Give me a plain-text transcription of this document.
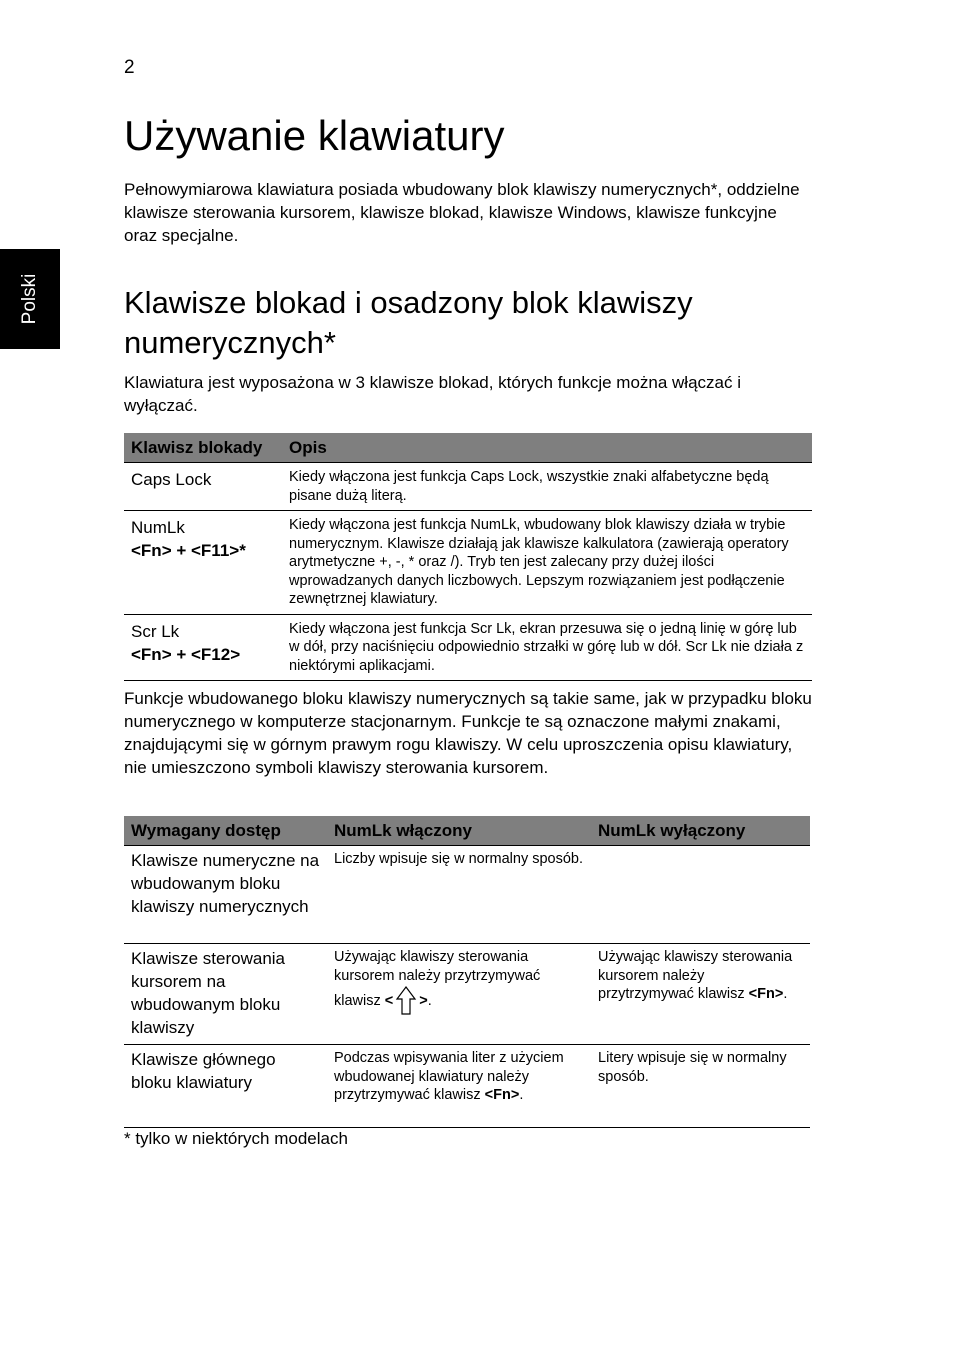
2
Polski
Używanie klawiatury

Pełnowymiarowa klawiatura posiada wbudowany blok klawiszy numerycznych*, oddzielne klawisze sterowania kursorem, klawisze blokad, klawisze Windows, klawisze funkcyjne oraz specjalne.

Klawisze blokad i osadzony blok klawiszy numerycznych*

Klawiatura jest wyposażona w 3 klawisze blokad, których funkcje można włączać i wyłączać.

Klawisz blokady	Opis

Caps Lock	Kiedy włączona jest funkcja Caps Lock, wszystkie znaki alfabetyczne będą pisane dużą literą.

NumLk
<Fn> + <F11>*	Kiedy włączona jest funkcja NumLk, wbudowany blok klawiszy działa w trybie numerycznym. Klawisze działają jak klawisze kalkulatora (zawierają operatory arytmetyczne +, -, * oraz /). Tryb ten jest zalecany przy dużej ilości wprowadzanych danych liczbowych. Lepszym rozwiązaniem jest podłączenie zewnętrznej klawiatury.

Scr Lk
<Fn> + <F12>	Kiedy włączona jest funkcja Scr Lk, ekran przesuwa się o jedną linię w górę lub w dół, przy naciśnięciu odpowiednio strzałki w górę lub w dół. Scr Lk nie działa z niektórymi aplikacjami.

Funkcje wbudowanego bloku klawiszy numerycznych są takie same, jak w przypadku bloku numerycznego w komputerze stacjonarnym. Funkcje te są oznaczone małymi znakami, znajdującymi się w górnym prawym rogu klawiszy. W celu uproszczenia opisu klawiatury, nie umieszczono symboli klawiszy sterowania kursorem.

Wymagany dostęp	NumLk włączony	NumLk wyłączony
Klawisze numeryczne na wbudowanym bloku klawiszy numerycznych	Liczby wpisuje się w normalny sposób.	
Klawisze sterowania kursorem na wbudowanym bloku klawiszy	Używając klawiszy sterowania kursorem należy przytrzymywać klawisz < >.	Używając klawiszy sterowania kursorem należy przytrzymywać klawisz <Fn>.
Klawisze głównego bloku klawiatury	Podczas wpisywania liter z użyciem wbudowanej klawiatury należy przytrzymywać klawisz <Fn>.	Litery wpisuje się w normalny sposób.
* tylko w niektórych modelach
